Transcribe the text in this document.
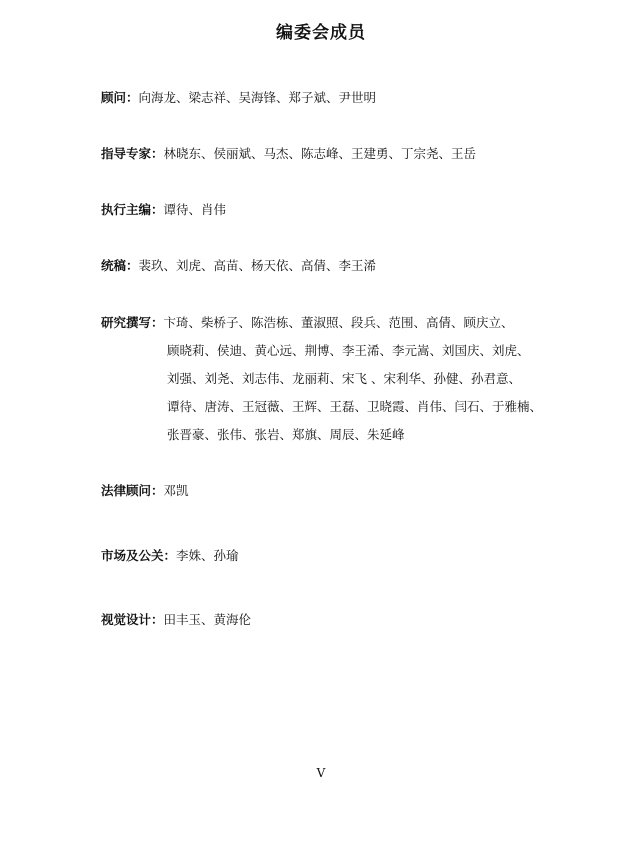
编委会成员
顾问：向海龙、梁志祥、吴海锋、郑子斌、尹世明
指导专家：林晓东、侯丽斌、马杰、陈志峰、王建勇、丁宗尧、王岳
执行主编：谭待、肖伟
统稿：裴玖、刘虎、高苗、杨天依、高倩、李王浠
研究撰写：卞琦、柴桥子、陈浩栋、董淑照、段兵、范围、高倩、顾庆立、
顾晓莉、侯迪、黄心远、荆博、李王浠、李元嵩、刘国庆、刘虎、
刘强、刘尧、刘志伟、龙丽莉、宋飞 、宋利华、孙健、孙君意、
谭待、唐涛、王冠薇、王辉、王磊、卫晓霞、肖伟、闫石、于雅楠、
张晋豪、张伟、张岩、郑旗、周辰、朱延峰
法律顾问：邓凯
市场及公关：李姝、孙瑜
视觉设计：田丰玉、黄海伦
V
